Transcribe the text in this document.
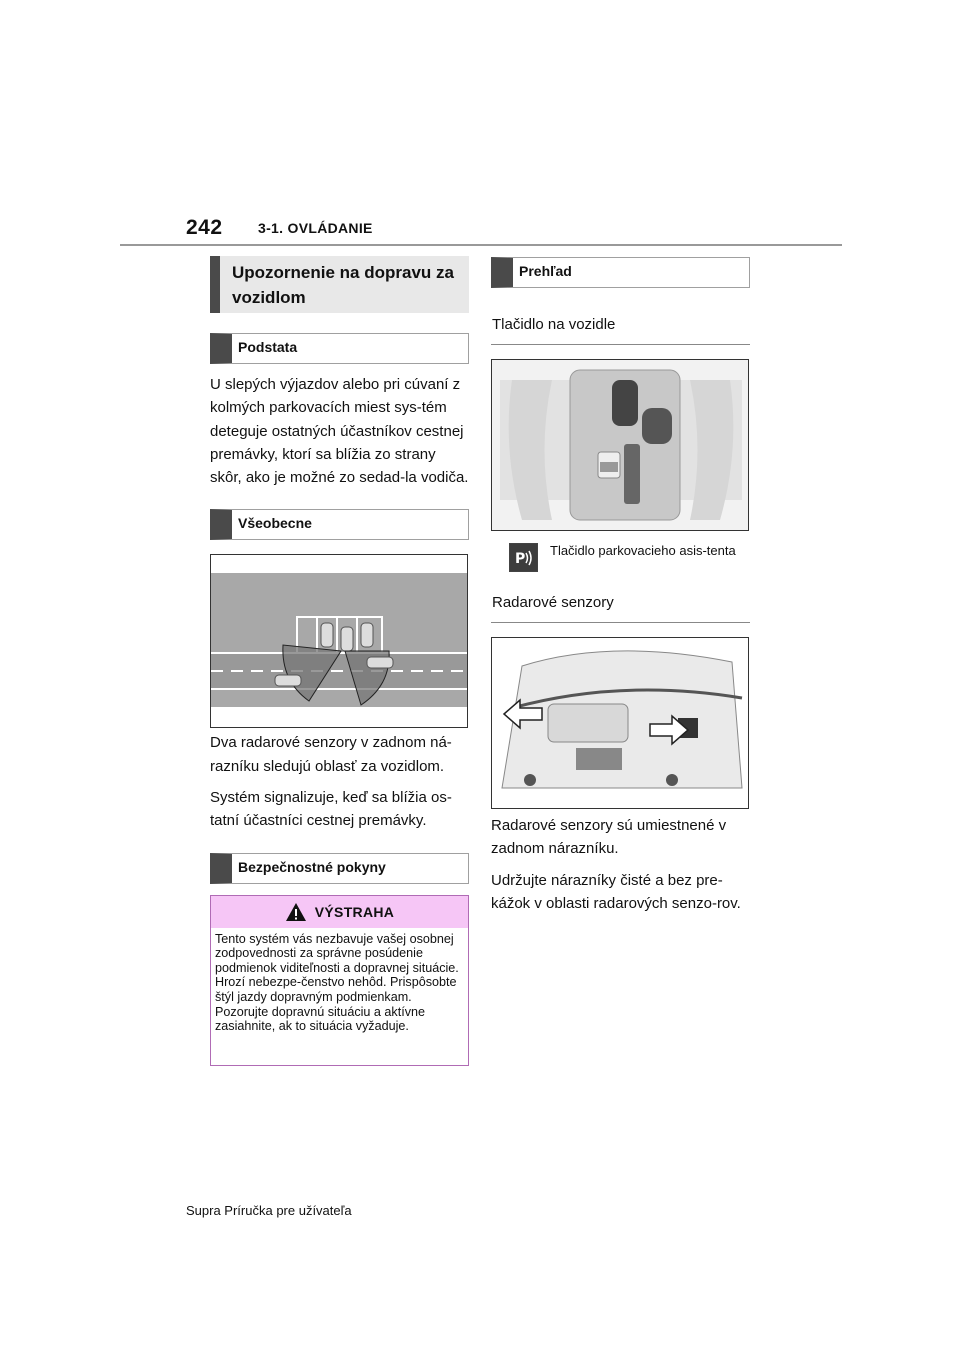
242	3-1. OVLÁDANIE
Upozornenie na dopravu za vozidlom
Podstata

U slepých výjazdov alebo pri cúvaní z kolmých parkovacích miest sys-tém deteguje ostatných účastníkov cestnej premávky, ktorí sa blížia zo strany skôr, ako je možné zo sedad-la vodiča.

Všeobecne

Dva radarové senzory v zadnom ná-razníku sledujú oblasť za vozidlom.

Systém signalizuje, keď sa blížia os-tatní účastníci cestnej premávky.

Bezpečnostné pokyny
VÝSTRAHA

Tento systém vás nezbavuje vašej osobnej zodpovednosti za správne posúdenie podmienok viditeľnosti a dopravnej situácie. Hrozí nebezpe-čenstvo nehôd. Prispôsobte štýl jazdy dopravným podmienkam. Pozorujte dopravnú situáciu a aktívne zasiahnite, ak to situácia vyžaduje.

Prehľad
Tlačidlo na vozidle
P Tlačidlo parkovacieho asis-tenta

Radarové senzory

Radarové senzory sú umiestnené v zadnom nárazníku.

Udržujte nárazníky čisté a bez pre-kážok v oblasti radarových senzo-rov.

Supra Príručka pre užívateľa
